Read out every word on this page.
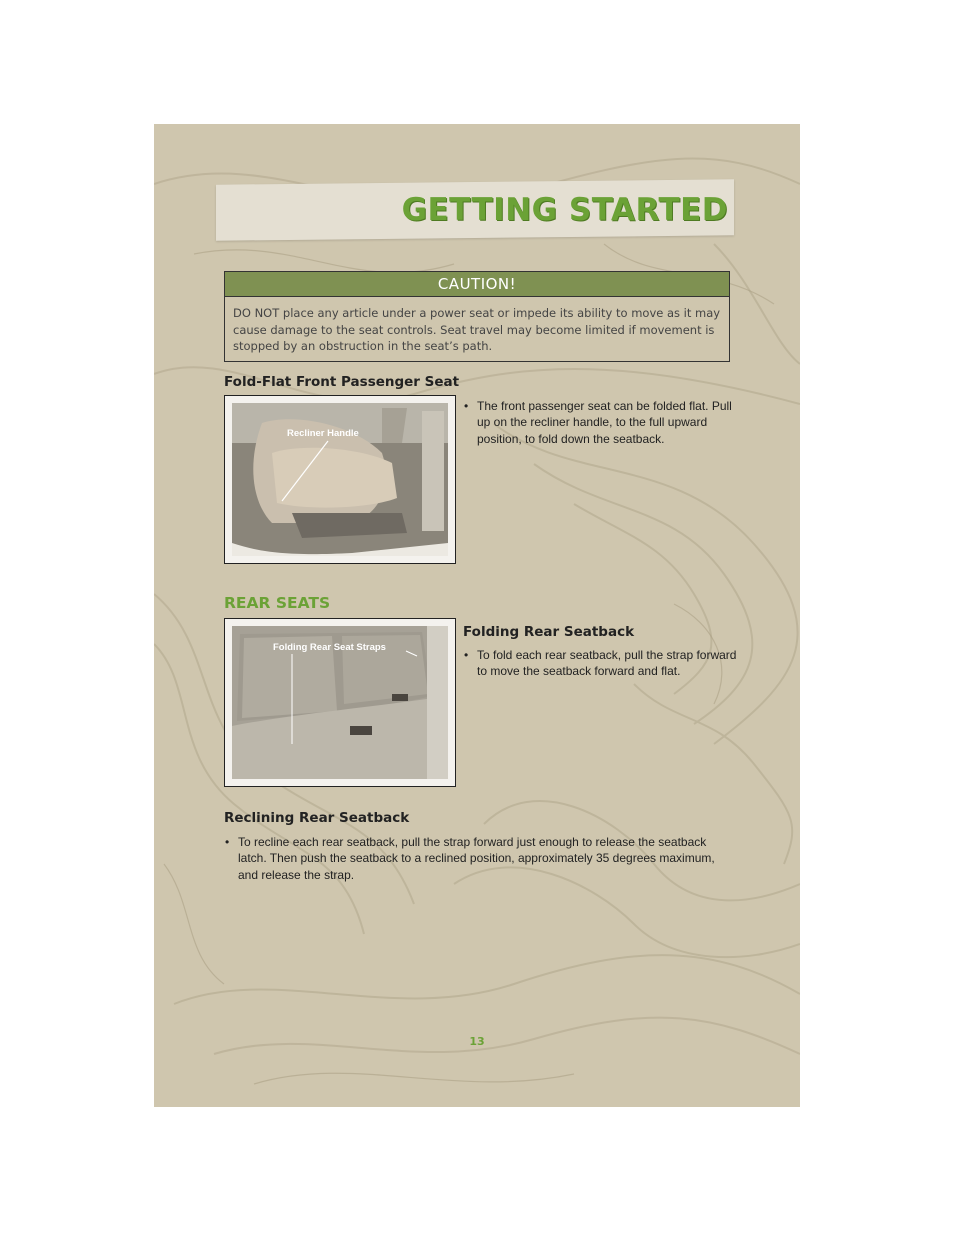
GETTING STARTED
CAUTION!
DO NOT place any article under a power seat or impede its ability to move as it may cause damage to the seat controls. Seat travel may become limited if movement is stopped by an obstruction in the seat’s path.
Fold-Flat Front Passenger Seat
Recliner Handle
• The front passenger seat can be folded flat. Pull up on the recliner handle, to the full upward position, to fold down the seatback.
REAR SEATS
Folding Rear Seat Straps
Folding Rear Seatback
• To fold each rear seatback, pull the strap forward to move the seatback forward and flat.
Reclining Rear Seatback
• To recline each rear seatback, pull the strap forward just enough to release the seatback latch. Then push the seatback to a reclined position, approximately 35 degrees maximum, and release the strap.
13
